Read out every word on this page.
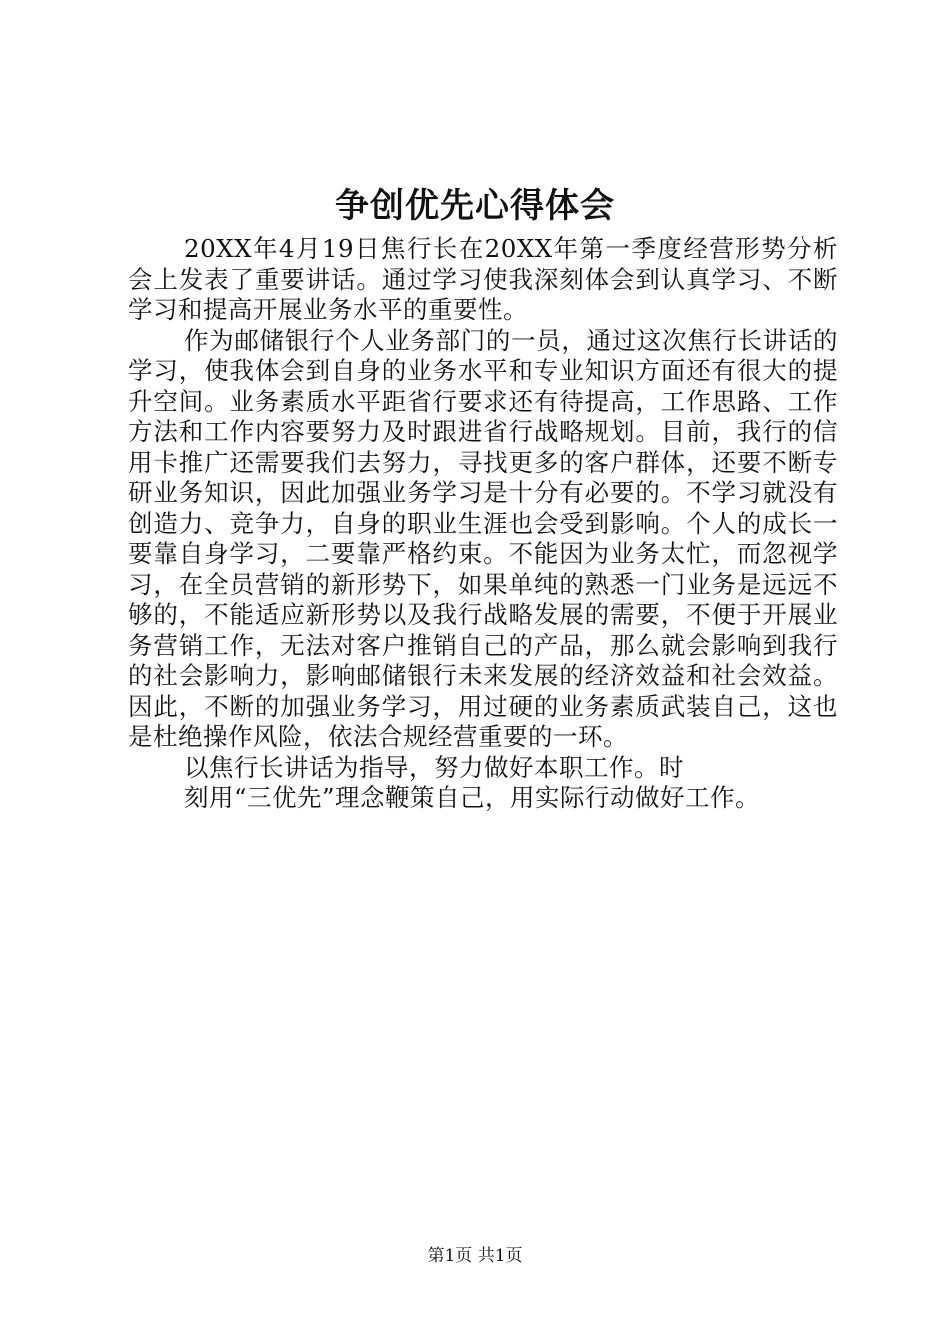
争创优先心得体会

20XX年4月19日焦行长在20XX年第一季度经营形势分析会上发表了重要讲话。通过学习使我深刻体会到认真学习、不断学习和提高开展业务水平的重要性。

作为邮储银行个人业务部门的一员，通过这次焦行长讲话的学习，使我体会到自身的业务水平和专业知识方面还有很大的提升空间。业务素质水平距省行要求还有待提高，工作思路、工作方法和工作内容要努力及时跟进省行战略规划。目前，我行的信用卡推广还需要我们去努力，寻找更多的客户群体，还要不断专研业务知识，因此加强业务学习是十分有必要的。不学习就没有创造力、竞争力，自身的职业生涯也会受到影响。个人的成长一要靠自身学习，二要靠严格约束。不能因为业务太忙，而忽视学习，在全员营销的新形势下，如果单纯的熟悉一门业务是远远不够的，不能适应新形势以及我行战略发展的需要，不便于开展业务营销工作，无法对客户推销自己的产品，那么就会影响到我行的社会影响力，影响邮储银行未来发展的经济效益和社会效益。因此，不断的加强业务学习，用过硬的业务素质武装自己，这也是杜绝操作风险，依法合规经营重要的一环。

以焦行长讲话为指导，努力做好本职工作。时

刻用“三优先”理念鞭策自己，用实际行动做好工作。

第1页 共1页
